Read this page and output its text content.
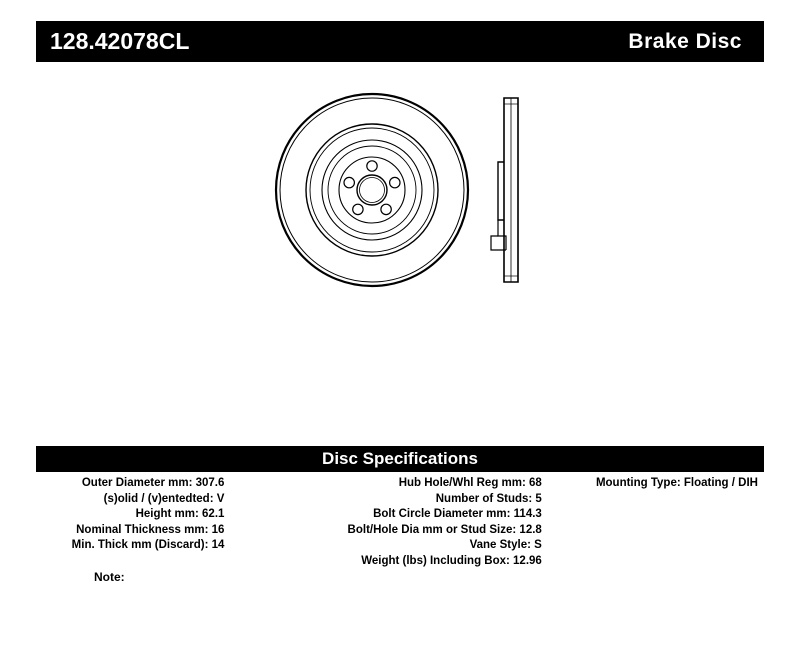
128.42078CL	Brake Disc
Disc Specifications
Outer Diameter mm: 307.6
(s)olid / (v)entedted: V
Height mm: 62.1
Nominal Thickness mm: 16
Min. Thick mm (Discard): 14
Hub Hole/Whl Reg mm: 68
Number of Studs: 5
Bolt Circle Diameter mm: 114.3
Bolt/Hole Dia mm or Stud Size: 12.8
Vane Style: S
Weight (lbs) Including Box: 12.96
Mounting Type: Floating / DIH
Note:
